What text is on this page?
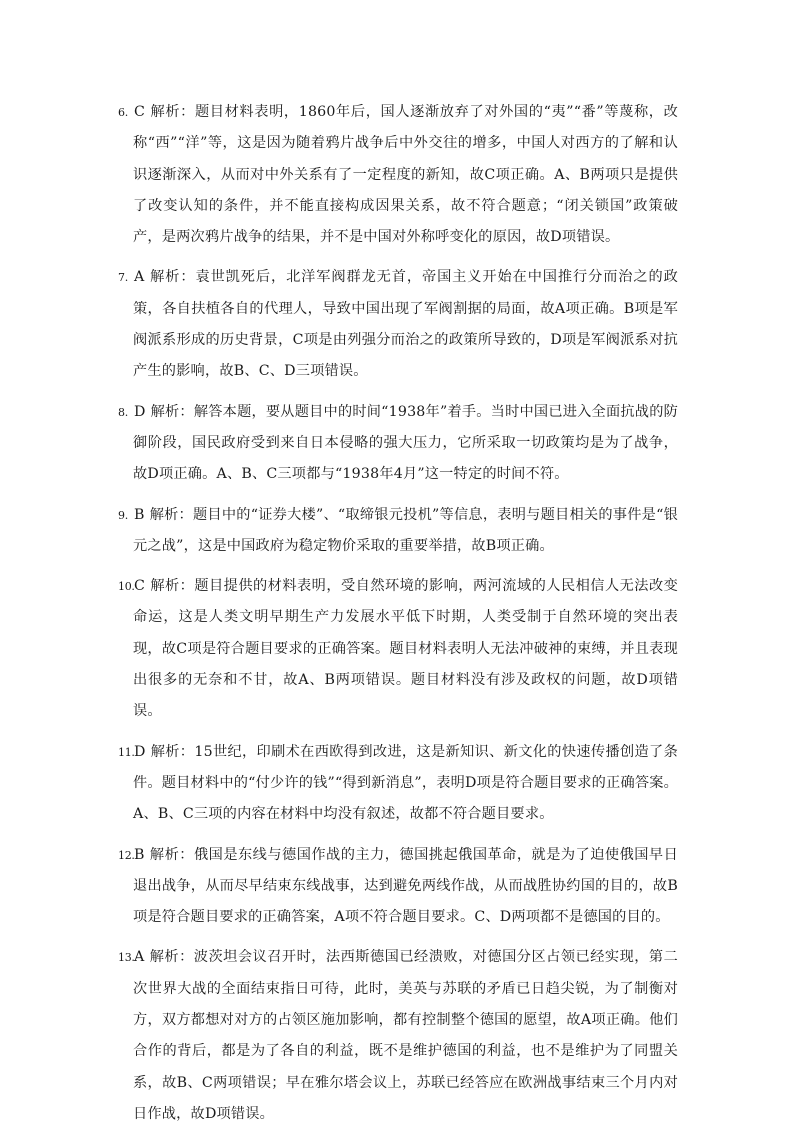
6. C 解析：题目材料表明，1860年后，国人逐渐放弃了对外国的“夷”“番”等蔑称，改称“西”“洋”等，这是因为随着鸦片战争后中外交往的增多，中国人对西方的了解和认识逐渐深入，从而对中外关系有了一定程度的新知，故C项正确。A、B两项只是提供了改变认知的条件，并不能直接构成因果关系，故不符合题意；“闭关锁国”政策破产，是两次鸦片战争的结果，并不是中国对外称呼变化的原因，故D项错误。
7. A 解析：袁世凯死后，北洋军阀群龙无首，帝国主义开始在中国推行分而治之的政策，各自扶植各自的代理人，导致中国出现了军阀割据的局面，故A项正确。B项是军阀派系形成的历史背景，C项是由列强分而治之的政策所导致的，D项是军阀派系对抗产生的影响，故B、C、D三项错误。
8. D 解析：解答本题，要从题目中的时间“1938年”着手。当时中国已进入全面抗战的防御阶段，国民政府受到来自日本侵略的强大压力，它所采取一切政策均是为了战争，故D项正确。A、B、C三项都与“1938年4月”这一特定的时间不符。
9. B 解析：题目中的“证券大楼”、“取缔银元投机”等信息，表明与题目相关的事件是“银元之战”，这是中国政府为稳定物价采取的重要举措，故B项正确。
10. C 解析：题目提供的材料表明，受自然环境的影响，两河流域的人民相信人无法改变命运，这是人类文明早期生产力发展水平低下时期，人类受制于自然环境的突出表现，故C项是符合题目要求的正确答案。题目材料表明人无法冲破神的束缚，并且表现出很多的无奈和不甘，故A、B两项错误。题目材料没有涉及政权的问题，故D项错误。
11. D 解析：15世纪，印刷术在西欧得到改进，这是新知识、新文化的快速传播创造了条件。题目材料中的“付少许的钱”“得到新消息”，表明D项是符合题目要求的正确答案。A、B、C三项的内容在材料中均没有叙述，故都不符合题目要求。
12. B 解析：俄国是东线与德国作战的主力，德国挑起俄国革命，就是为了迫使俄国早日退出战争，从而尽早结束东线战事，达到避免两线作战，从而战胜协约国的目的，故B项是符合题目要求的正确答案，A项不符合题目要求。C、D两项都不是德国的目的。
13. A 解析：波茨坦会议召开时，法西斯德国已经溃败，对德国分区占领已经实现，第二次世界大战的全面结束指日可待，此时，美英与苏联的矛盾已日趋尖锐，为了制衡对方，双方都想对对方的占领区施加影响，都有控制整个德国的愿望，故A项正确。他们合作的背后，都是为了各自的利益，既不是维护德国的利益，也不是维护为了同盟关系，故B、C两项错误；早在雅尔塔会议上，苏联已经答应在欧洲战事结束三个月内对日作战，故D项错误。
